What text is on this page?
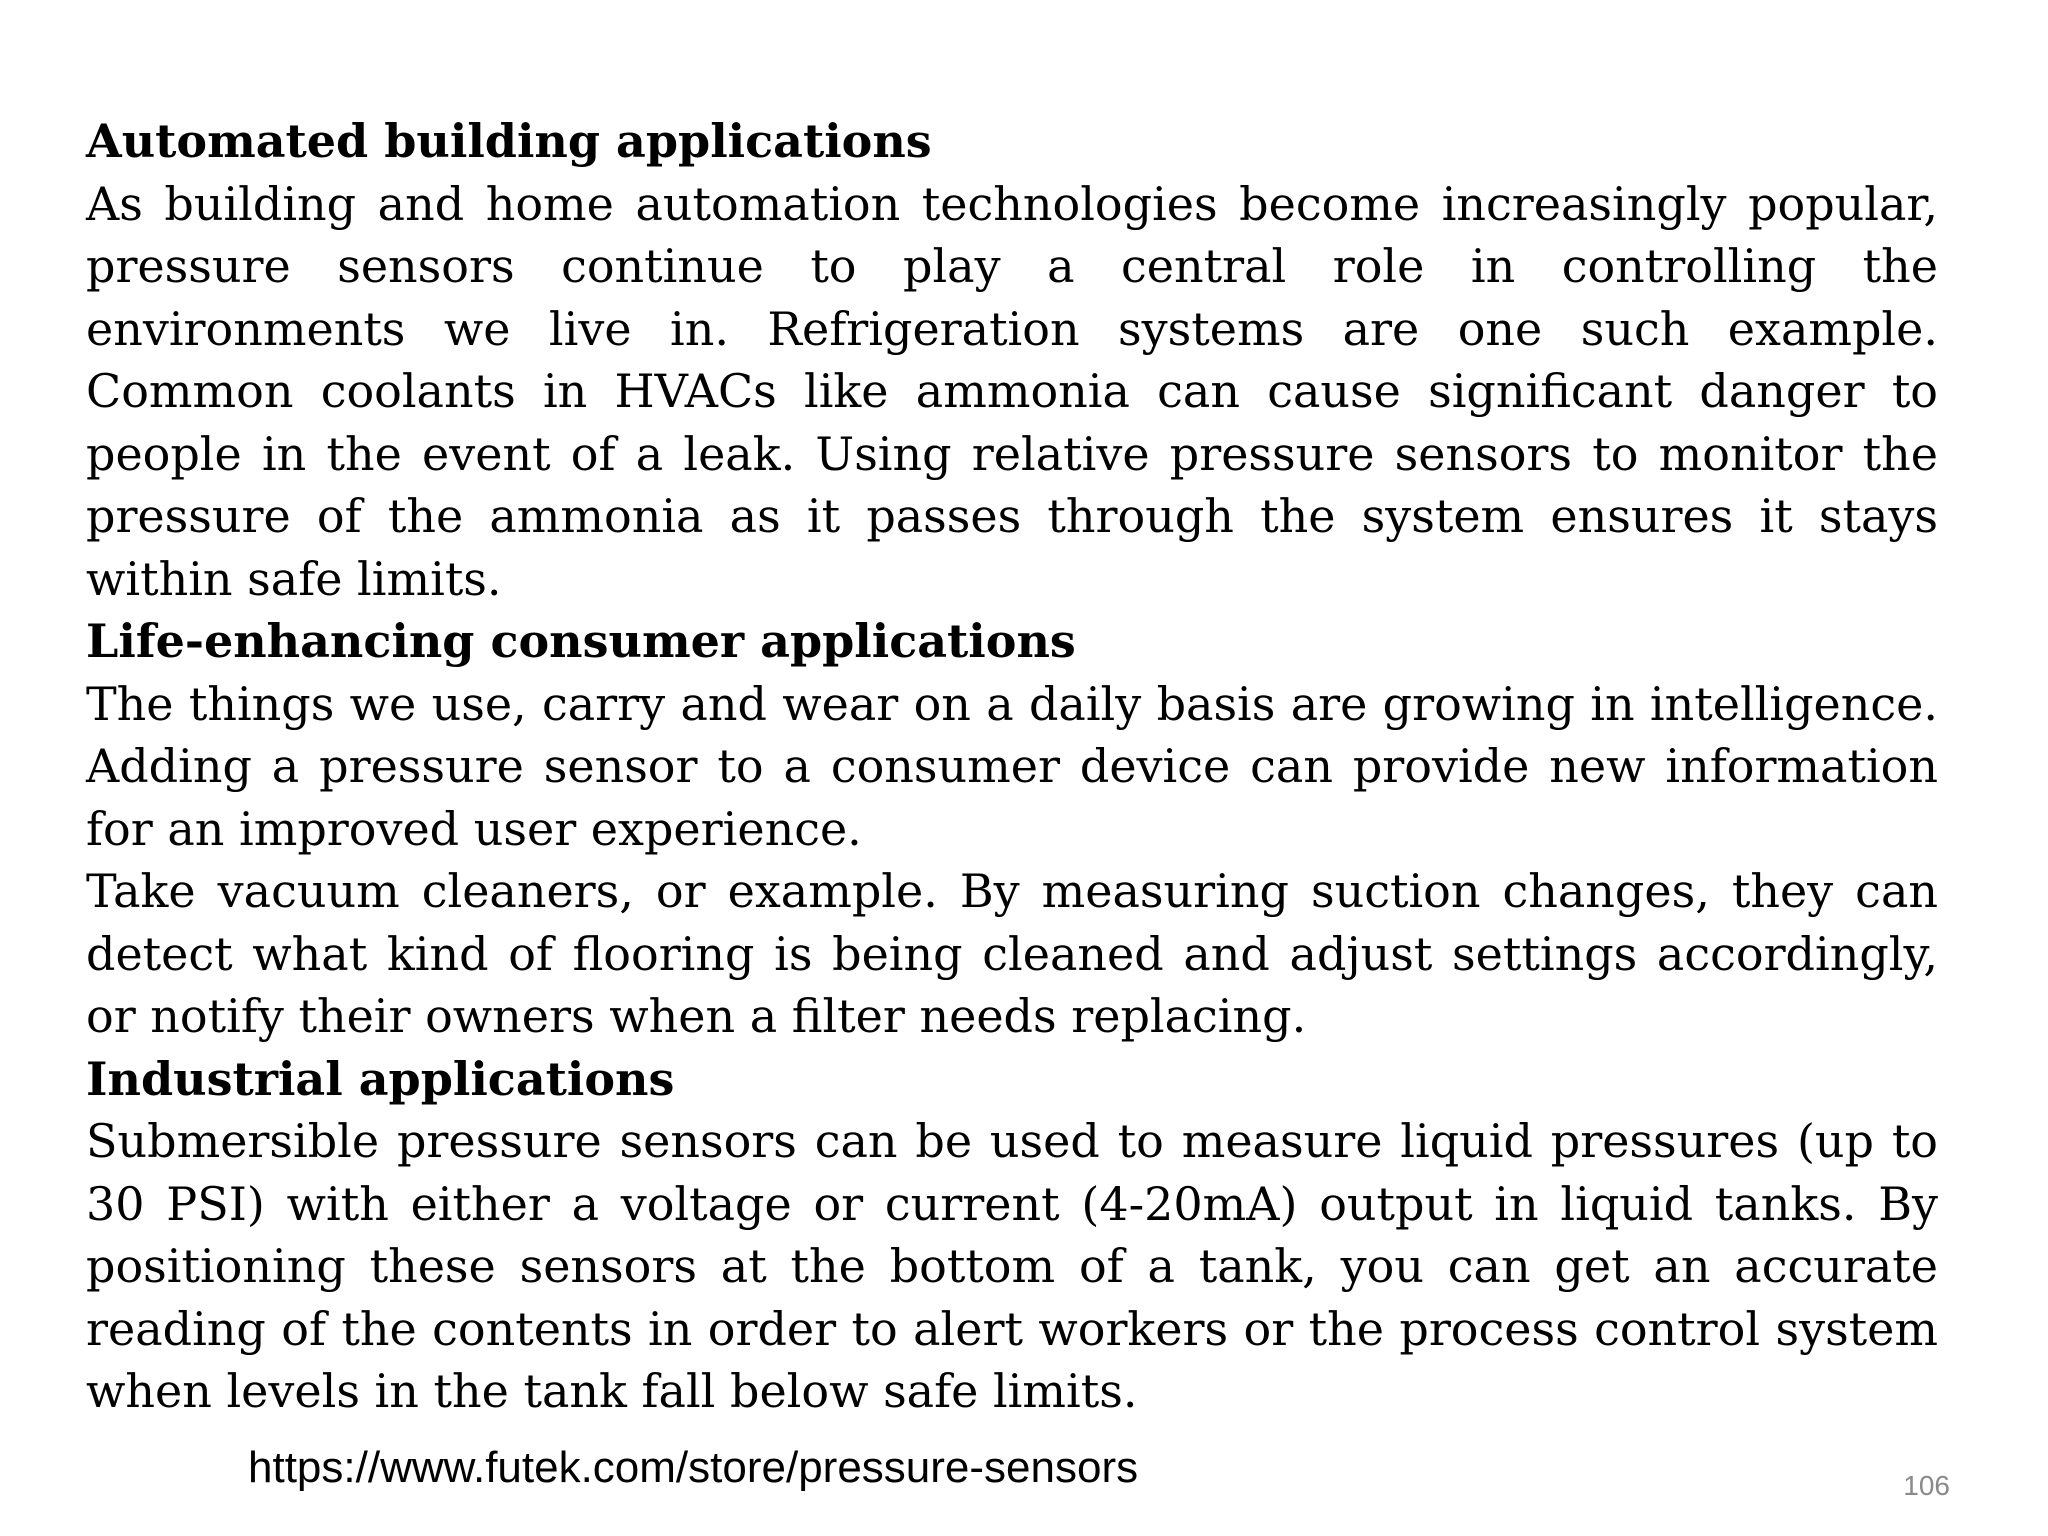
Automated building applications

As building and home automation technologies become increasingly popular, pressure sensors continue to play a central role in controlling the environments we live in. Refrigeration systems are one such example. Common coolants in HVACs like ammonia can cause significant danger to people in the event of a leak. Using relative pressure sensors to monitor the pressure of the ammonia as it passes through the system ensures it stays within safe limits.

Life-enhancing consumer applications

The things we use, carry and wear on a daily basis are growing in intelligence. Adding a pressure sensor to a consumer device can provide new information for an improved user experience.

Take vacuum cleaners, or example. By measuring suction changes, they can detect what kind of flooring is being cleaned and adjust settings accordingly, or notify their owners when a filter needs replacing.

Industrial applications

Submersible pressure sensors can be used to measure liquid pressures (up to 30 PSI) with either a voltage or current (4-20mA) output in liquid tanks. By positioning these sensors at the bottom of a tank, you can get an accurate reading of the contents in order to alert workers or the process control system when levels in the tank fall below safe limits.

https://www.futek.com/store/pressure-sensors	106
